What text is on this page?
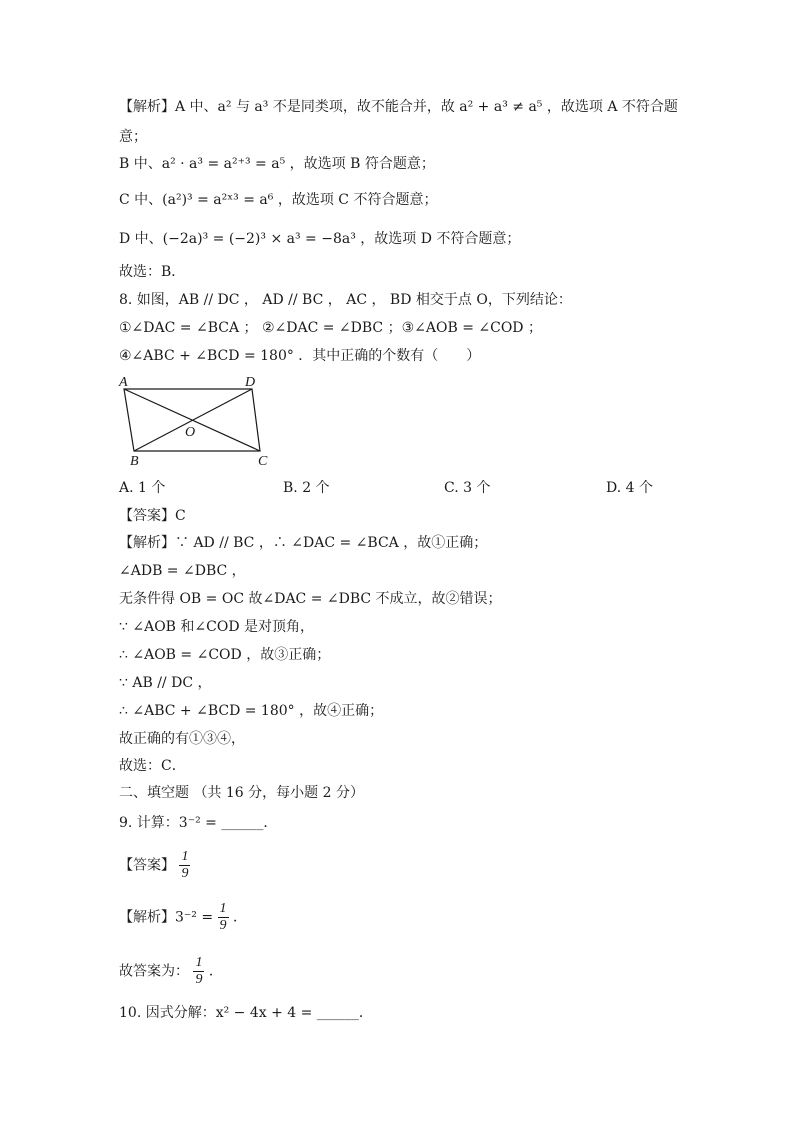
【解析】A 中、a² 与 a³ 不是同类项，故不能合并，故 a² + a³ ≠ a⁵ ，故选项 A 不符合题
意；
B 中、a² · a³ = a²⁺³ = a⁵ ，故选项 B 符合题意；
C 中、(a²)³ = a²ˣ³ = a⁶ ，故选项 C 不符合题意；
D 中、(−2a)³ = (−2)³ × a³ = −8a³ ，故选项 D 不符合题意；
故选：B．
8. 如图，AB // DC ， AD // BC ， AC ， BD 相交于点 O，下列结论：
①∠DAC = ∠BCA ； ②∠DAC = ∠DBC ；③∠AOB = ∠COD ；
④∠ABC + ∠BCD = 180° ．其中正确的个数有（　　）
A	D
B	C
O
A. 1 个	B. 2 个	C. 3 个	D. 4 个
【答案】C
【解析】∵ AD // BC ，∴ ∠DAC = ∠BCA ，故①正确；
∠ADB = ∠DBC ，
无条件得 OB = OC 故∠DAC = ∠DBC 不成立，故②错误；
∵ ∠AOB 和∠COD 是对顶角，
∴ ∠AOB = ∠COD ，故③正确；
∵ AB // DC ，
∴ ∠ABC + ∠BCD = 180° ，故④正确；
故正确的有①③④，
故选：C．
二、填空题 （共 16 分，每小题 2 分）
9. 计算：3⁻² = ______．
【答案】 $\frac{1}{9}$
【解析】$3^{-2} = \frac{1}{9}$ ．
故答案为： $\frac{1}{9}$ ．
10. 因式分解：x² − 4x + 4 = ______．
